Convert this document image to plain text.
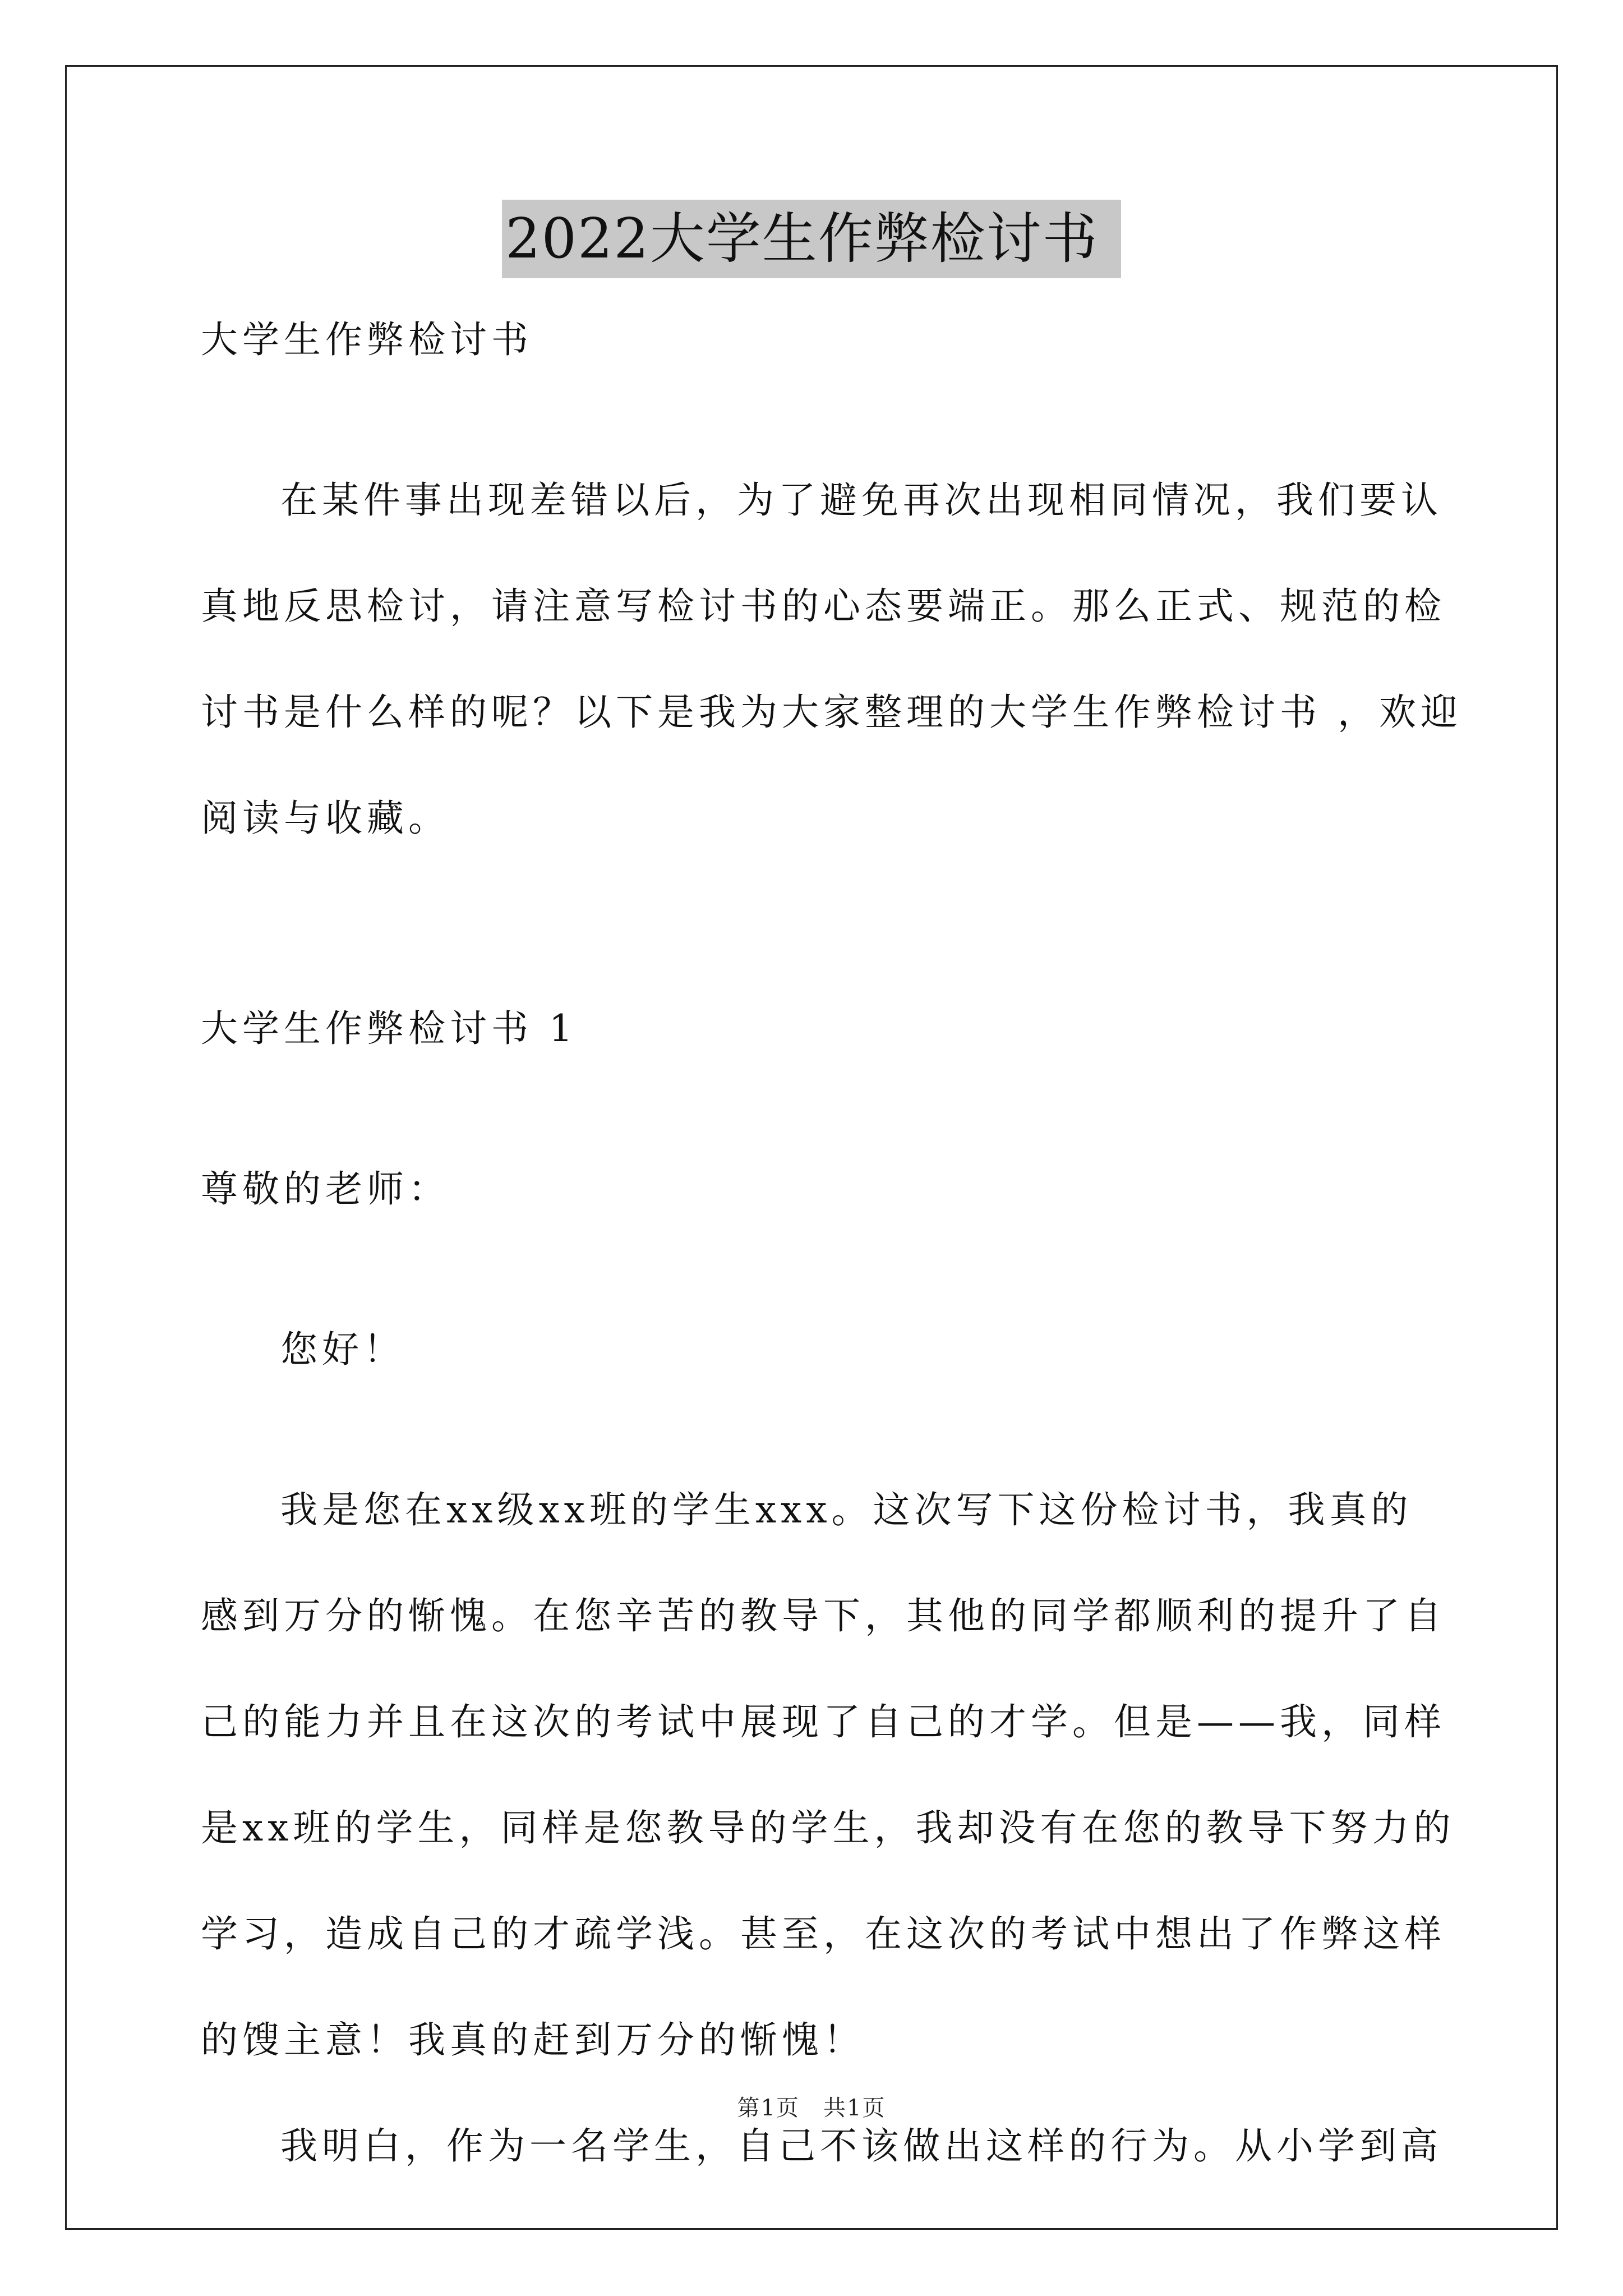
2022大学生作弊检讨书

大学生作弊检讨书

在某件事出现差错以后，为了避免再次出现相同情况，我们要认

真地反思检讨，请注意写检讨书的心态要端正。那么正式、规范的检

讨书是什么样的呢？以下是我为大家整理的大学生作弊检讨书 ，欢迎

阅读与收藏。

大学生作弊检讨书 1

尊敬的老师：

您好！

我是您在xx级xx班的学生xxx。这次写下这份检讨书，我真的

感到万分的惭愧。在您辛苦的教导下，其他的同学都顺利的提升了自

己的能力并且在这次的考试中展现了自己的才学。但是——我，同样

是xx班的学生，同样是您教导的学生，我却没有在您的教导下努力的

学习，造成自己的才疏学浅。甚至，在这次的考试中想出了作弊这样

的馊主意！我真的赶到万分的惭愧！

我明白，作为一名学生，自己不该做出这样的行为。从小学到高

第1页　共1页
